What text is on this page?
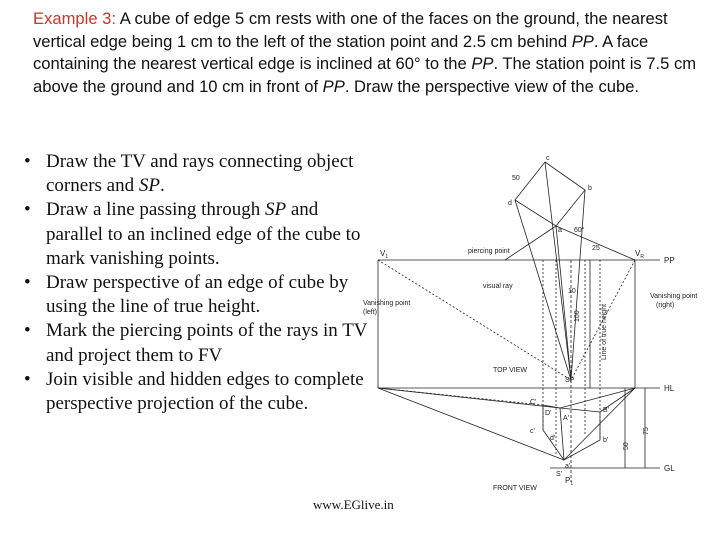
Example 3: A cube of edge 5 cm rests with one of the faces on the ground, the nearest vertical edge being 1 cm to the left of the station point and 2.5 cm behind PP. A face containing the nearest vertical edge is inclined at 60° to the PP. The station point is 7.5 cm above the ground and 10 cm in front of PP. Draw the perspective view of the cube.
• Draw the TV and rays connecting object corners and SP.
• Draw a line passing through SP and parallel to an inclined edge of the cube to mark vanishing points.
• Draw perspective of an edge of cube by using the line of true height.
• Mark the piercing points of the rays in TV and project them to FV
• Join visible and hidden edges to complete perspective projection of the cube.
c
b
a
d
50
60°
25
piercing point
$V_1$	$V_R$	PP
visual ray
10
Vanishing point
(left)
Vanishing point
(right)
100	Line of true height
SP
TOP VIEW
HL
GL
FRONT VIEW
75
50
C'
A'
B'
D'
a'
b'
c'
d'
$P_1$
S'
www.EGlive.in
